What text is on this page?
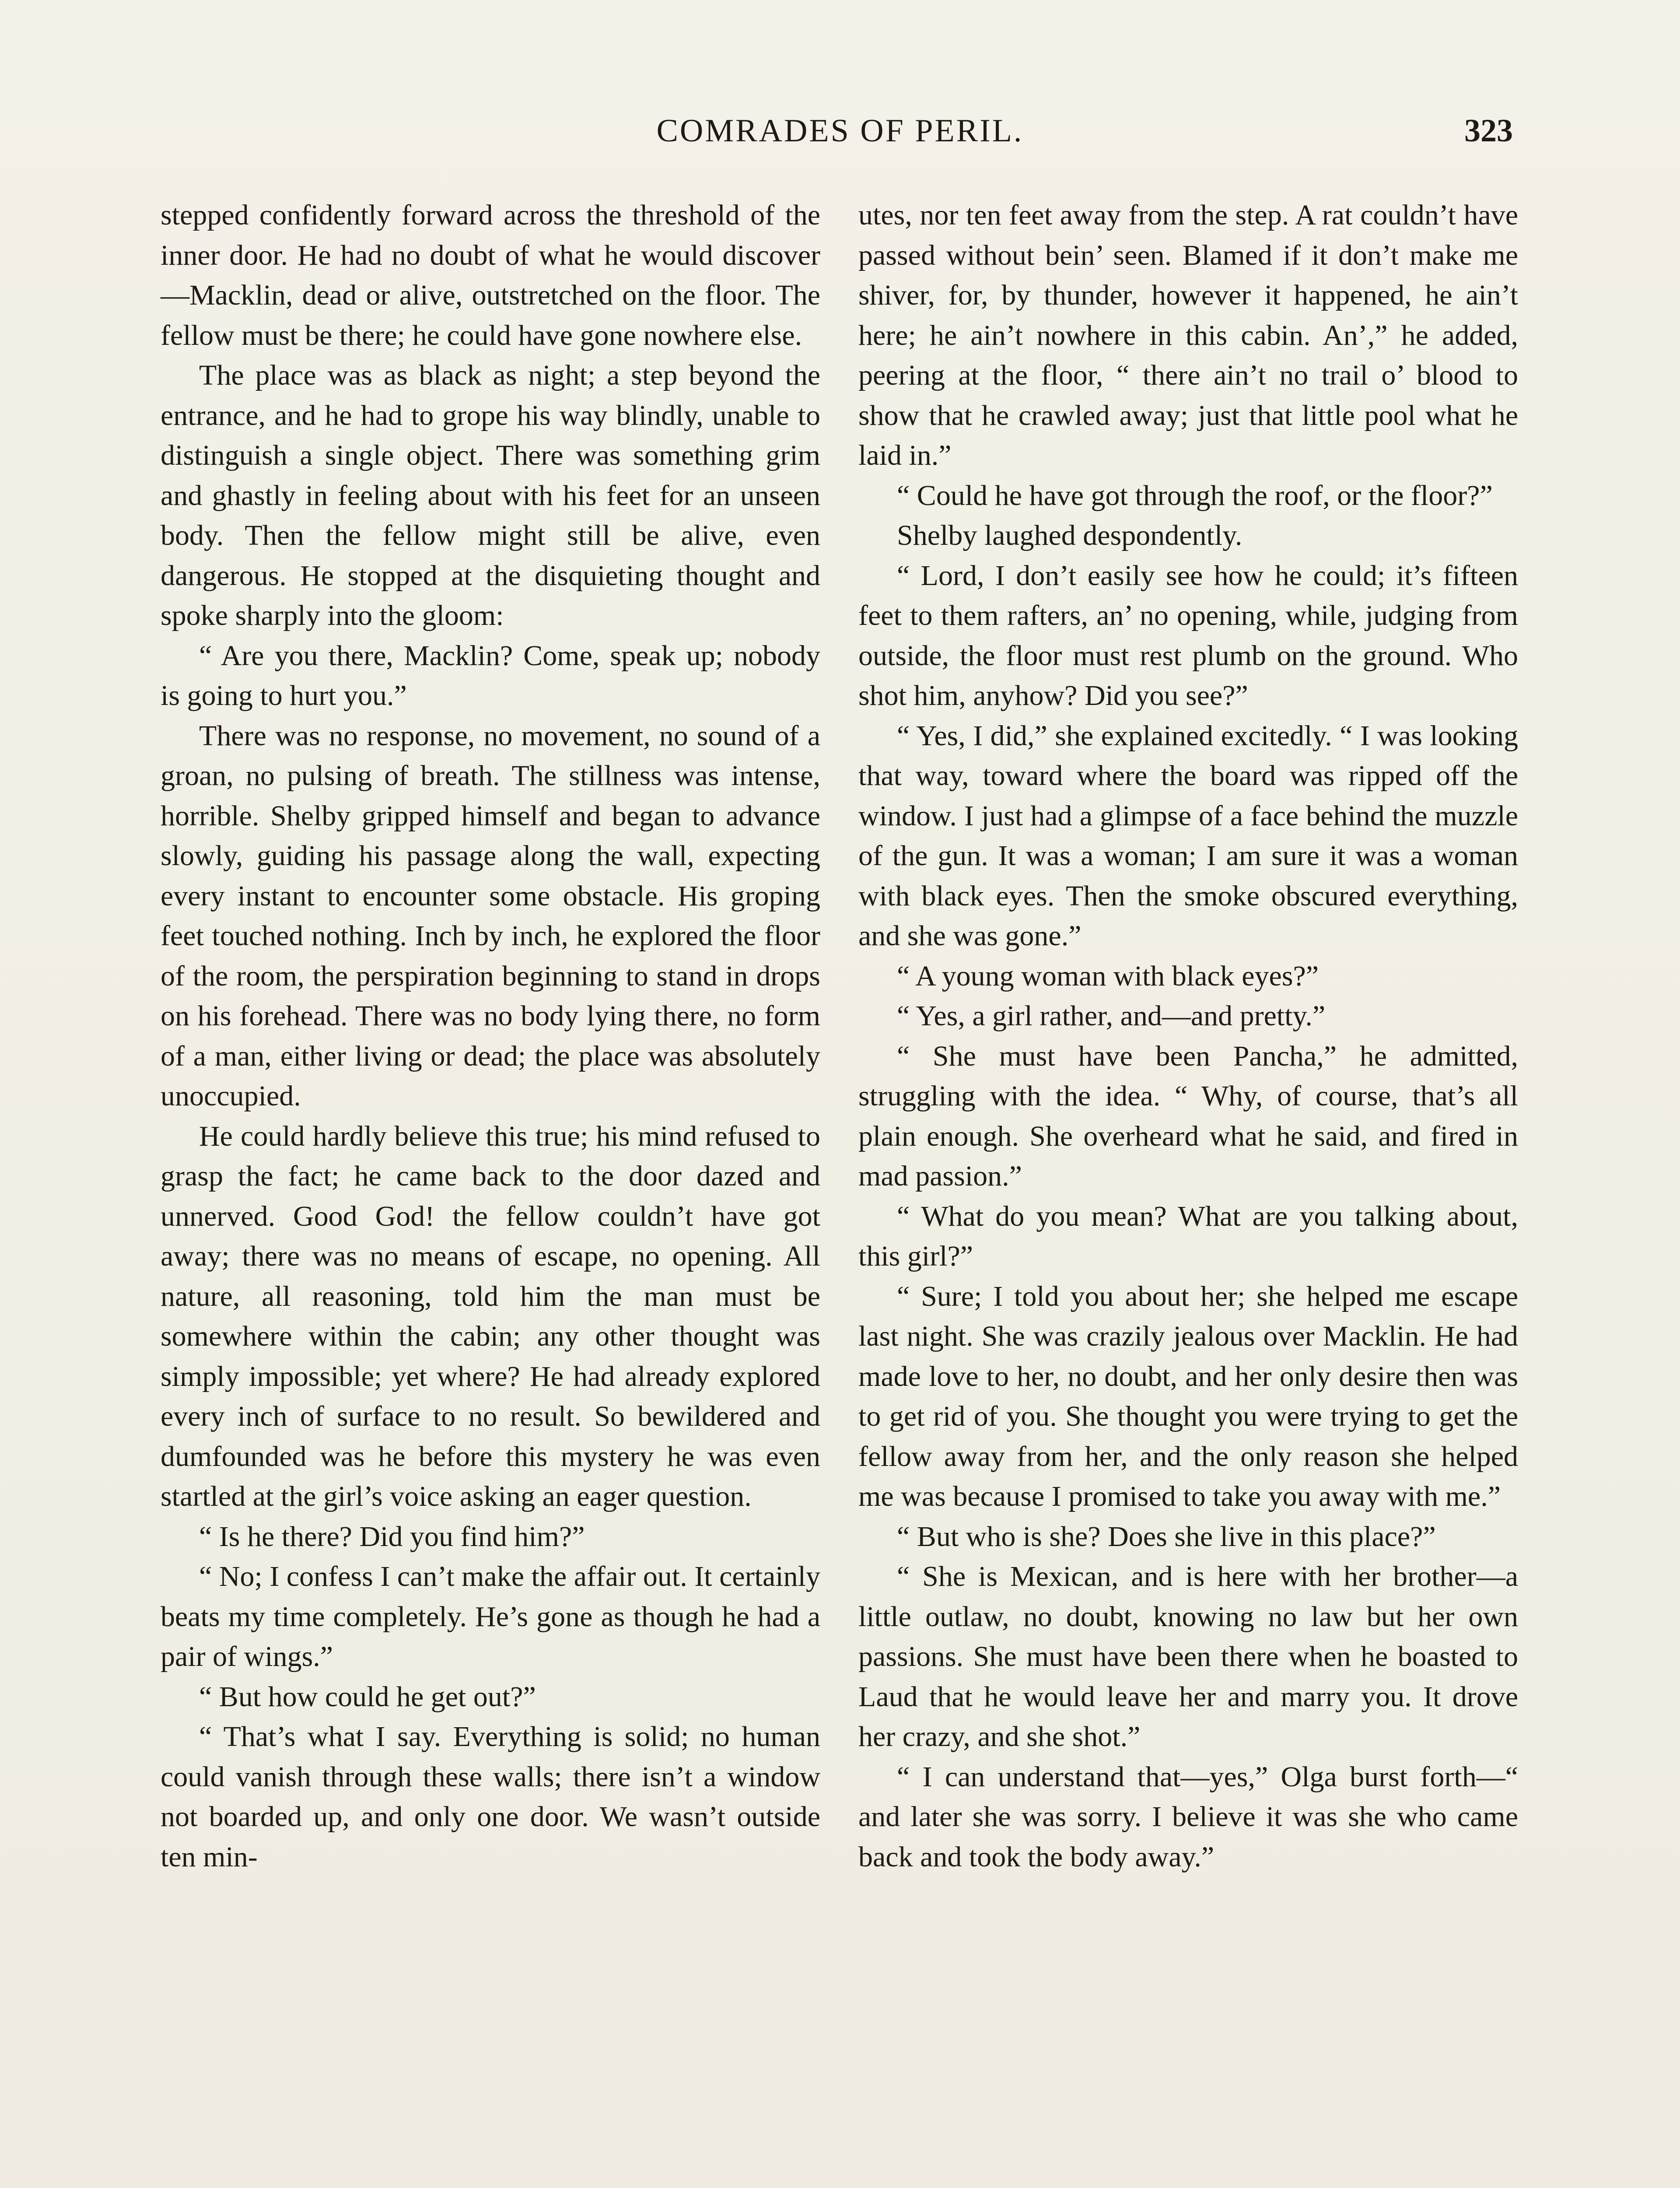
COMRADES OF PERIL.	323

stepped confidently forward across the threshold of the inner door. He had no doubt of what he would discover—Macklin, dead or alive, outstretched on the floor. The fellow must be there; he could have gone nowhere else.

The place was as black as night; a step beyond the entrance, and he had to grope his way blindly, unable to distinguish a single object. There was something grim and ghastly in feeling about with his feet for an unseen body. Then the fellow might still be alive, even dangerous. He stopped at the disquieting thought and spoke sharply into the gloom:

“ Are you there, Macklin? Come, speak up; nobody is going to hurt you.”

There was no response, no movement, no sound of a groan, no pulsing of breath. The stillness was intense, horrible. Shelby gripped himself and began to advance slowly, guiding his passage along the wall, expecting every instant to encounter some obstacle. His groping feet touched nothing. Inch by inch, he explored the floor of the room, the perspiration beginning to stand in drops on his forehead. There was no body lying there, no form of a man, either living or dead; the place was absolutely unoccupied.

He could hardly believe this true; his mind refused to grasp the fact; he came back to the door dazed and unnerved. Good God! the fellow couldn’t have got away; there was no means of escape, no opening. All nature, all reasoning, told him the man must be somewhere within the cabin; any other thought was simply impossible; yet where? He had already explored every inch of surface to no result. So bewildered and dumfounded was he before this mystery he was even startled at the girl’s voice asking an eager question.

“ Is he there? Did you find him?”

“ No; I confess I can’t make the affair out. It certainly beats my time completely. He’s gone as though he had a pair of wings.”

“ But how could he get out?”

“ That’s what I say. Everything is solid; no human could vanish through these walls; there isn’t a window not boarded up, and only one door. We wasn’t outside ten min-

utes, nor ten feet away from the step. A rat couldn’t have passed without bein’ seen. Blamed if it don’t make me shiver, for, by thunder, however it happened, he ain’t here; he ain’t nowhere in this cabin. An’,” he added, peering at the floor, “ there ain’t no trail o’ blood to show that he crawled away; just that little pool what he laid in.”

“ Could he have got through the roof, or the floor?”

Shelby laughed despondently.

“ Lord, I don’t easily see how he could; it’s fifteen feet to them rafters, an’ no opening, while, judging from outside, the floor must rest plumb on the ground. Who shot him, anyhow? Did you see?”

“ Yes, I did,” she explained excitedly. “ I was looking that way, toward where the board was ripped off the window. I just had a glimpse of a face behind the muzzle of the gun. It was a woman; I am sure it was a woman with black eyes. Then the smoke obscured everything, and she was gone.”

“ A young woman with black eyes?”

“ Yes, a girl rather, and—and pretty.”

“ She must have been Pancha,” he admitted, struggling with the idea. “ Why, of course, that’s all plain enough. She overheard what he said, and fired in mad passion.”

“ What do you mean? What are you talking about, this girl?”

“ Sure; I told you about her; she helped me escape last night. She was crazily jealous over Macklin. He had made love to her, no doubt, and her only desire then was to get rid of you. She thought you were trying to get the fellow away from her, and the only reason she helped me was because I promised to take you away with me.”

“ But who is she? Does she live in this place?”

“ She is Mexican, and is here with her brother—a little outlaw, no doubt, knowing no law but her own passions. She must have been there when he boasted to Laud that he would leave her and marry you. It drove her crazy, and she shot.”

“ I can understand that—yes,” Olga burst forth—“ and later she was sorry. I believe it was she who came back and took the body away.”
